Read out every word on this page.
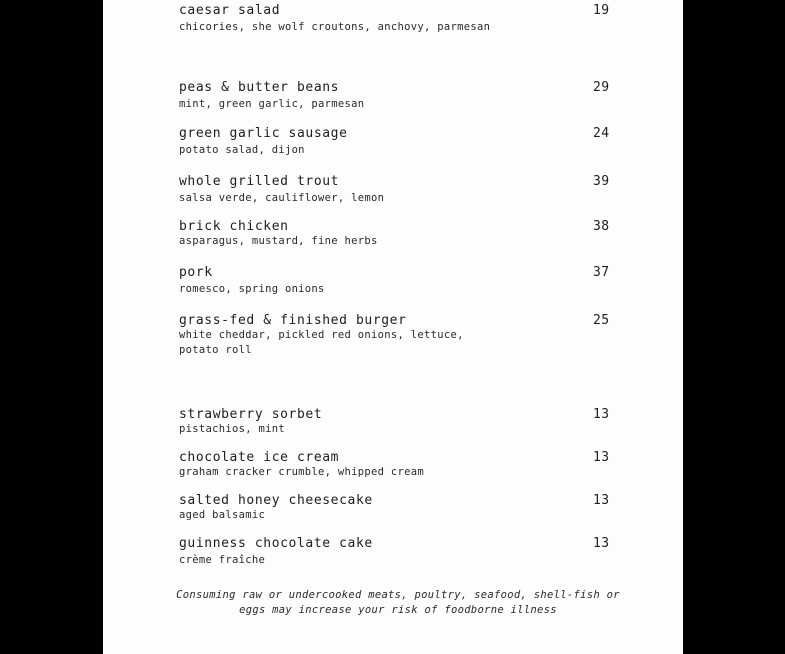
caesar salad	19
chicories, she wolf croutons, anchovy, parmesan
peas & butter beans	29
mint, green garlic, parmesan
green garlic sausage	24
potato salad, dijon
whole grilled trout	39
salsa verde, cauliflower, lemon
brick chicken	38
asparagus, mustard, fine herbs
pork	37
romesco, spring onions
grass-fed & finished burger	25
white cheddar, pickled red onions, lettuce, potato roll
strawberry sorbet	13
pistachios, mint
chocolate ice cream	13
graham cracker crumble, whipped cream
salted honey cheesecake	13
aged balsamic
guinness chocolate cake	13
crème fraîche
Consuming raw or undercooked meats, poultry, seafood, shell-fish or eggs may increase your risk of foodborne illness
